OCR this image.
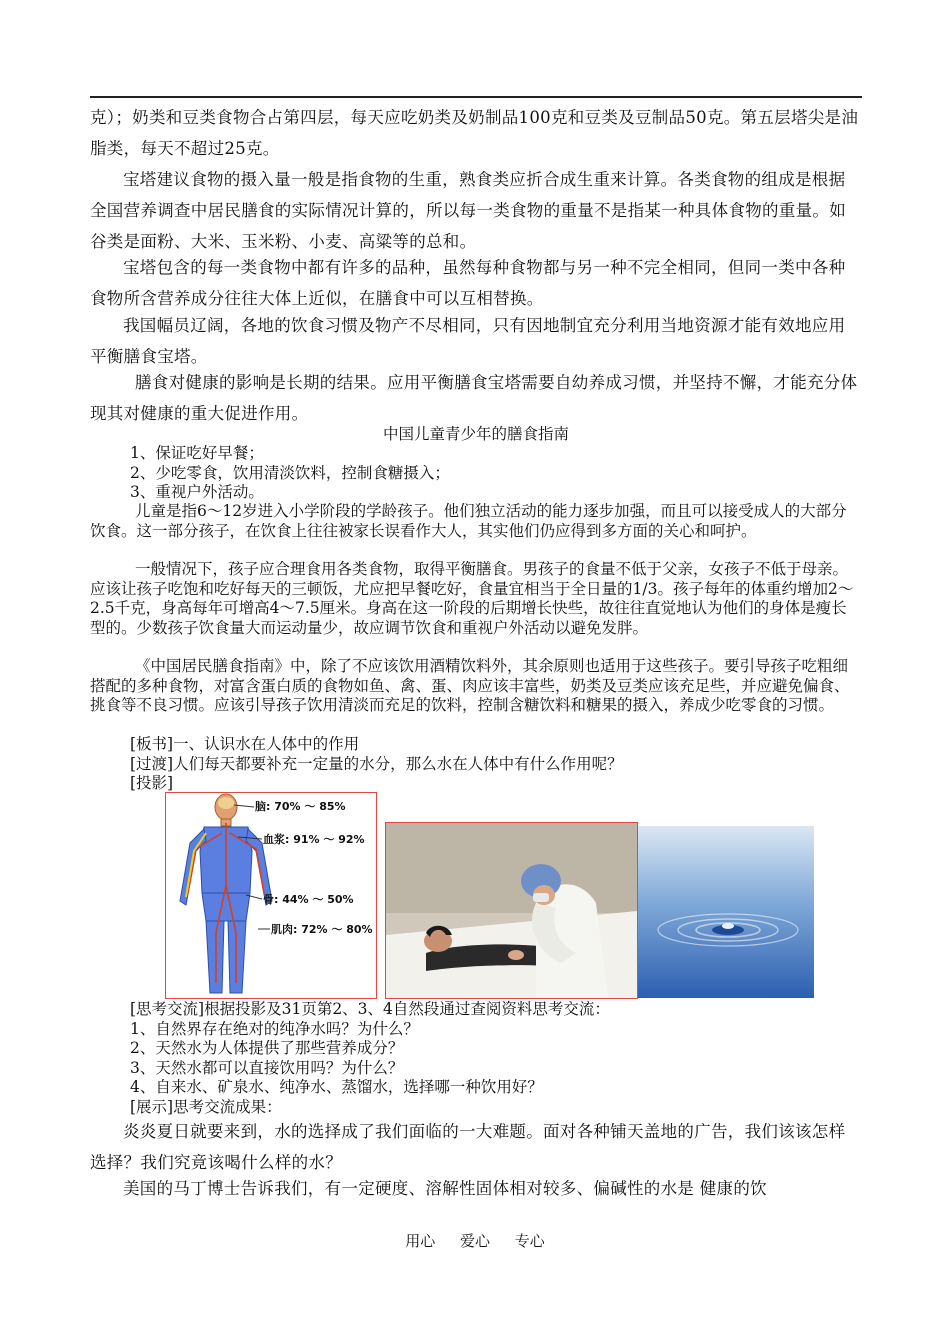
克）；奶类和豆类食物合占第四层，每天应吃奶类及奶制品100克和豆类及豆制品50克。第五层塔尖是油脂类，每天不超过25克。

宝塔建议食物的摄入量一般是指食物的生重，熟食类应折合成生重来计算。各类食物的组成是根据全国营养调查中居民膳食的实际情况计算的，所以每一类食物的重量不是指某一种具体食物的重量。如谷类是面粉、大米、玉米粉、小麦、高粱等的总和。

宝塔包含的每一类食物中都有许多的品种，虽然每种食物都与另一种不完全相同，但同一类中各种食物所含营养成分往往大体上近似，在膳食中可以互相替换。

我国幅员辽阔，各地的饮食习惯及物产不尽相同，只有因地制宜充分利用当地资源才能有效地应用平衡膳食宝塔。

膳食对健康的影响是长期的结果。应用平衡膳食宝塔需要自幼养成习惯，并坚持不懈，才能充分体现其对健康的重大促进作用。

中国儿童青少年的膳食指南
1、保证吃好早餐；
2、少吃零食，饮用清淡饮料，控制食糖摄入；
3、重视户外活动。

儿童是指6～12岁进入小学阶段的学龄孩子。他们独立活动的能力逐步加强，而且可以接受成人的大部分饮食。这一部分孩子，在饮食上往往被家长误看作大人，其实他们仍应得到多方面的关心和呵护。

一般情况下，孩子应合理食用各类食物，取得平衡膳食。男孩子的食量不低于父亲，女孩子不低于母亲。应该让孩子吃饱和吃好每天的三顿饭，尤应把早餐吃好，食量宜相当于全日量的1/3。孩子每年的体重约增加2～2.5千克，身高每年可增高4～7.5厘米。身高在这一阶段的后期增长快些，故往往直觉地认为他们的身体是瘦长型的。少数孩子饮食量大而运动量少，故应调节饮食和重视户外活动以避免发胖。

《中国居民膳食指南》中，除了不应该饮用酒精饮料外，其余原则也适用于这些孩子。要引导孩子吃粗细搭配的多种食物，对富含蛋白质的食物如鱼、禽、蛋、肉应该丰富些，奶类及豆类应该充足些，并应避免偏食、挑食等不良习惯。应该引导孩子饮用清淡而充足的饮料，控制含糖饮料和糖果的摄入，养成少吃零食的习惯。

[板书]一、认识水在人体中的作用
[过渡]人们每天都要补充一定量的水分，那么水在人体中有什么作用呢？
[投影]
脑: 70% ～ 85%
血浆: 91% ～ 92%
骨: 44% ～ 50%
肌肉: 72% ～ 80%
[思考交流]根据投影及31页第2、3、4自然段通过查阅资料思考交流：
1、自然界存在绝对的纯净水吗？为什么？
2、天然水为人体提供了那些营养成分？
3、天然水都可以直接饮用吗？为什么？
4、自来水、矿泉水、纯净水、蒸馏水，选择哪一种饮用好？
[展示]思考交流成果：

炎炎夏日就要来到，水的选择成了我们面临的一大难题。面对各种铺天盖地的广告，我们该该怎样选择？我们究竟该喝什么样的水？

美国的马丁博士告诉我们，有一定硬度、溶解性固体相对较多、偏碱性的水是 健康的饮

用心 爱心 专心
